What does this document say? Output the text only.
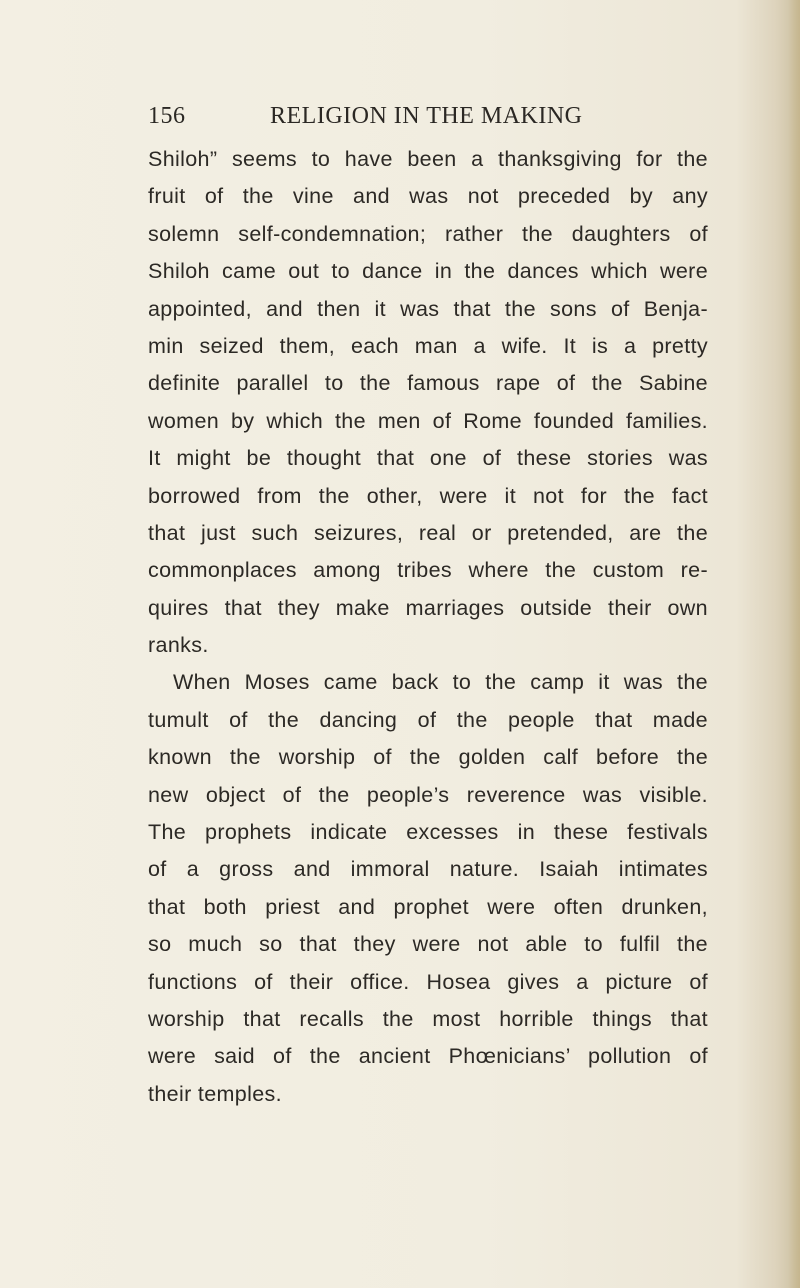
156	RELIGION IN THE MAKING
Shiloh” seems to have been a thanksgiving for the
fruit of the vine and was not preceded by any
solemn self-condemnation; rather the daughters of
Shiloh came out to dance in the dances which were
appointed, and then it was that the sons of Benja-
min seized them, each man a wife. It is a pretty
definite parallel to the famous rape of the Sabine
women by which the men of Rome founded families.
It might be thought that one of these stories was
borrowed from the other, were it not for the fact
that just such seizures, real or pretended, are the
commonplaces among tribes where the custom re-
quires that they make marriages outside their own
ranks.
When Moses came back to the camp it was the
tumult of the dancing of the people that made
known the worship of the golden calf before the
new object of the people’s reverence was visible.
The prophets indicate excesses in these festivals
of a gross and immoral nature. Isaiah intimates
that both priest and prophet were often drunken,
so much so that they were not able to fulfil the
functions of their office. Hosea gives a picture of
worship that recalls the most horrible things that
were said of the ancient Phœnicians’ pollution of
their temples.
